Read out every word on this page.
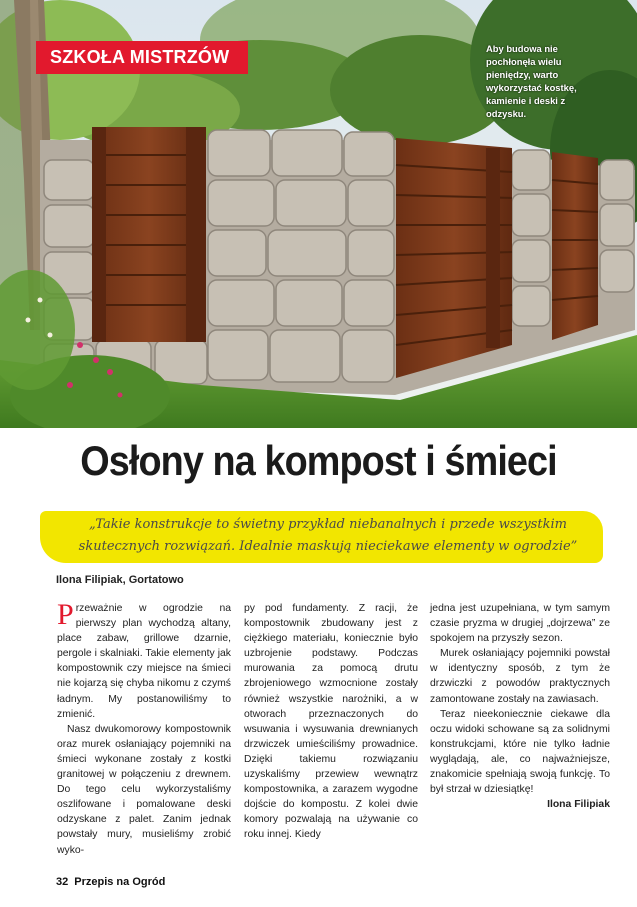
SZKOŁA MISTRZÓW	Aby budowa nie pochłonęła wielu pieniędzy, warto wykorzystać kostkę, kamienie i deski z odzysku.
Osłony na kompost i śmieci
„Takie konstrukcje to świetny przykład niebanalnych i przede wszystkim skutecznych rozwiązań. Idealnie maskują nieciekawe elementy w ogrodzie”
Ilona Filipiak, Gortatowo

Przeważnie w ogrodzie na pierwszy plan wychodzą altany, place zabaw, grillowe dzarnie, pergole i skalniaki. Takie elementy jak kompostownik czy miejsce na śmieci nie kojarzą się chyba nikomu z czymś ładnym. My postanowiliśmy to zmienić.

Nasz dwukomorowy kompostownik oraz murek osłaniający pojemniki na śmieci wykonane zostały z kostki granitowej w połączeniu z drewnem. Do tego celu wykorzystaliśmy oszlifowane i pomalowane deski odzyskane z palet. Zanim jednak powstały mury, musieliśmy zrobić wyko-

py pod fundamenty. Z racji, że kompostownik zbudowany jest z ciężkiego materiału, koniecznie było uzbrojenie podstawy. Podczas murowania za pomocą drutu zbrojeniowego wzmocnione zostały również wszystkie narożniki, a w otworach przeznaczonych do wsuwania i wysuwania drewnianych drzwiczek umieściliśmy prowadnice. Dzięki takiemu rozwiązaniu uzyskaliśmy przewiew wewnątrz kompostownika, a zarazem wygodne dojście do kompostu. Z kolei dwie komory pozwalają na używanie co roku innej. Kiedy

jedna jest uzupełniana, w tym samym czasie pryzma w drugiej „dojrzewa” ze spokojem na przyszły sezon.

Murek osłaniający pojemniki powstał w identyczny sposób, z tym że drzwiczki z powodów praktycznych zamontowane zostały na zawiasach.

Teraz nieekoniecznie ciekawe dla oczu widoki schowane są za solidnymi konstrukcjami, które nie tylko ładnie wyglądają, ale, co najważniejsze, znakomicie spełniają swoją funkcję. To był strzał w dziesiątkę!

Ilona Filipiak

32 Przepis na Ogród
